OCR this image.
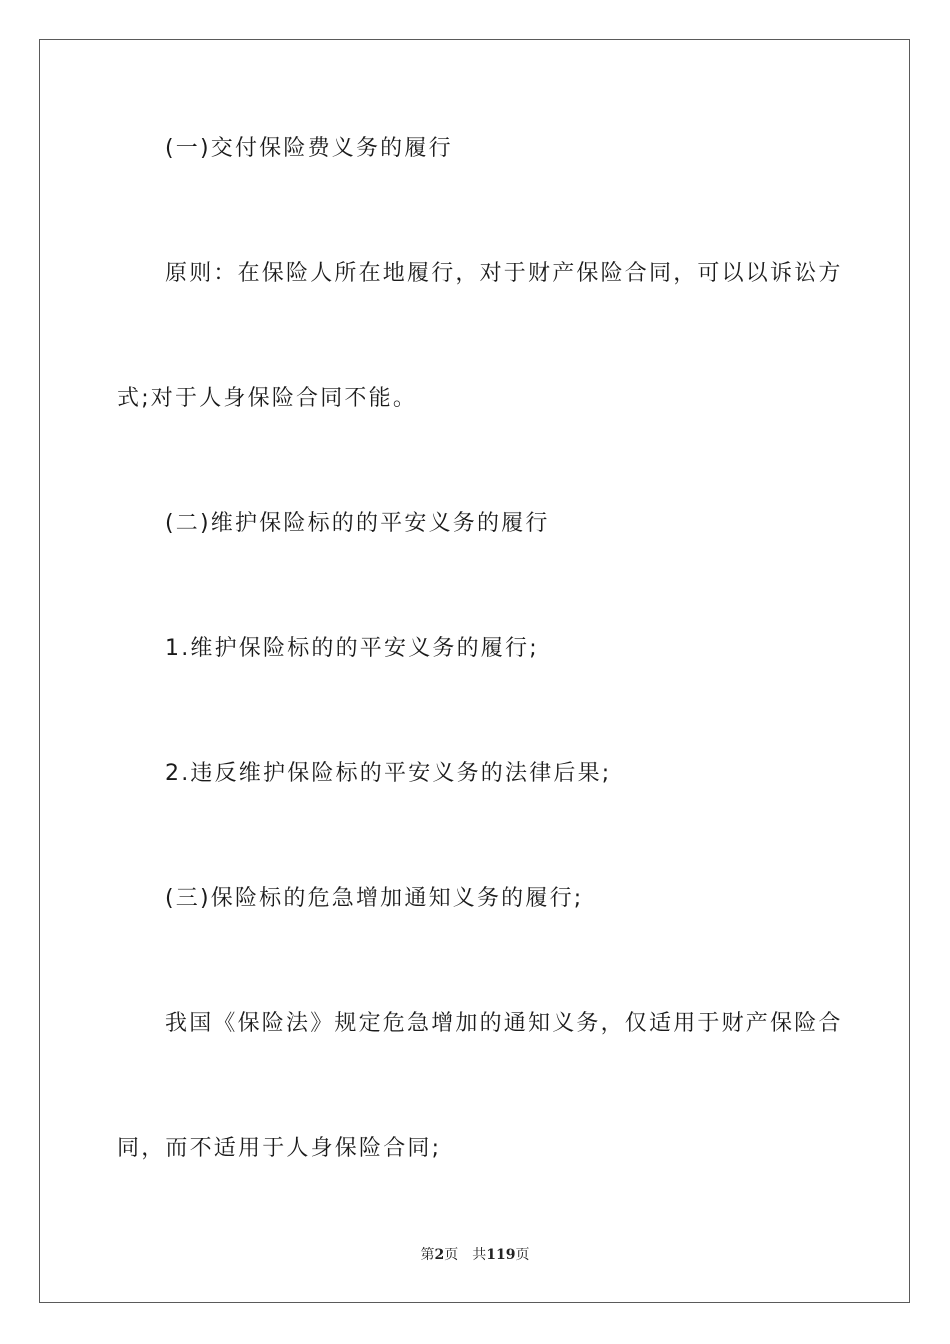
(一)交付保险费义务的履行
原则：在保险人所在地履行，对于财产保险合同，可以以诉讼方
式;对于人身保险合同不能。
(二)维护保险标的的平安义务的履行
1.维护保险标的的平安义务的履行;
2.违反维护保险标的平安义务的法律后果;
(三)保险标的危急增加通知义务的履行;
我国《保险法》规定危急增加的通知义务，仅适用于财产保险合
同，而不适用于人身保险合同;
第2页 共119页
